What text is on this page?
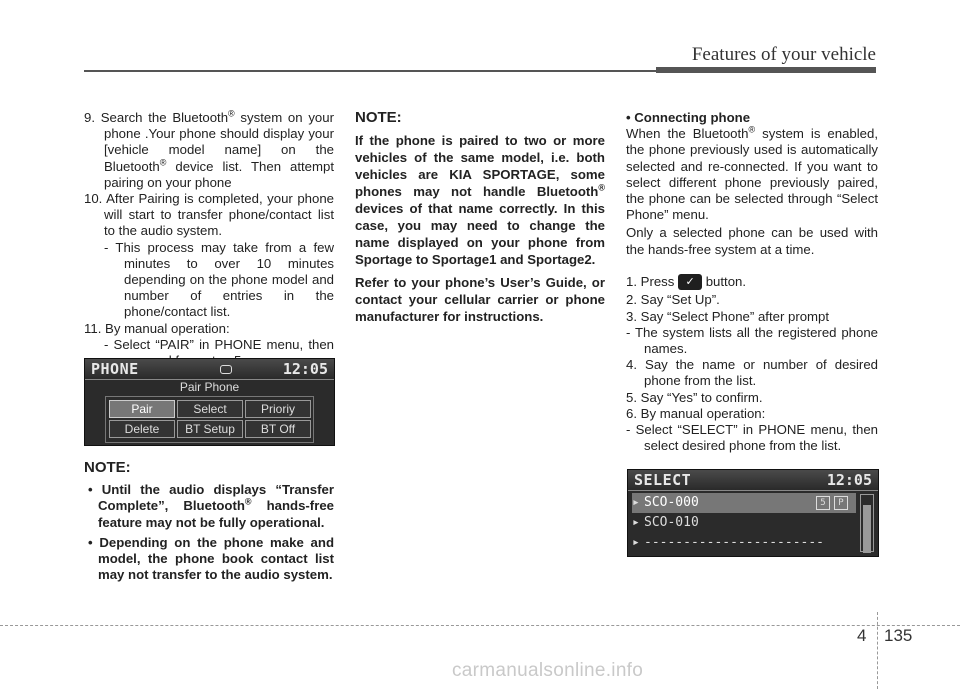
Features of your vehicle

9. Search the Bluetooth® system on your phone .Your phone should display your [vehicle model name] on the Bluetooth® device list. Then attempt pairing on your phone

10. After Pairing is completed, your phone will start to transfer phone/contact list to the audio system.

- This process may take from a few minutes to over 10 minutes depending on the phone model and number of entries in the phone/contact list.

11. By manual operation:

- Select “PAIR” in PHONE menu, then

PHONE	12:05
Pair Phone
Pair	Select	Prioriy
Delete	BT Setup	BT Off

NOTE:

• Until the audio displays “Transfer Complete”, Bluetooth® hands-free feature may not be fully operational.

• Depending on the phone make and model, the phone book contact list may not transfer to the audio system.

NOTE:

If the phone is paired to two or more vehicles of the same model, i.e. both vehicles are KIA SPORTAGE, some phones may not handle Bluetooth® devices of that name correctly. In this case, you may need to change the name displayed on your phone from Sportage to Sportage1 and Sportage2.

Refer to your phone’s User’s Guide, or contact your cellular carrier or phone manufacturer for instructions.

• Connecting phone

When the Bluetooth® system is enabled, the phone previously used is automatically selected and re-connected. If you want to select different phone previously paired, the phone can be selected through “Select Phone” menu.

Only a selected phone can be used with the hands-free system at a time.

1. Press ✓ button.

2. Say “Set Up”.

3. Say “Select Phone” after prompt

- The system lists all the registered phone names.

4. Say the name or number of desired phone from the list.

5. Say “Yes” to confirm.

6. By manual operation:

- Select “SELECT” in PHONE menu, then select desired phone from the list.

SELECT	12:05
▸ SCO-000	5	P
▸ SCO-010
▸ -----------------------
4 135
carmanualsonline.info
